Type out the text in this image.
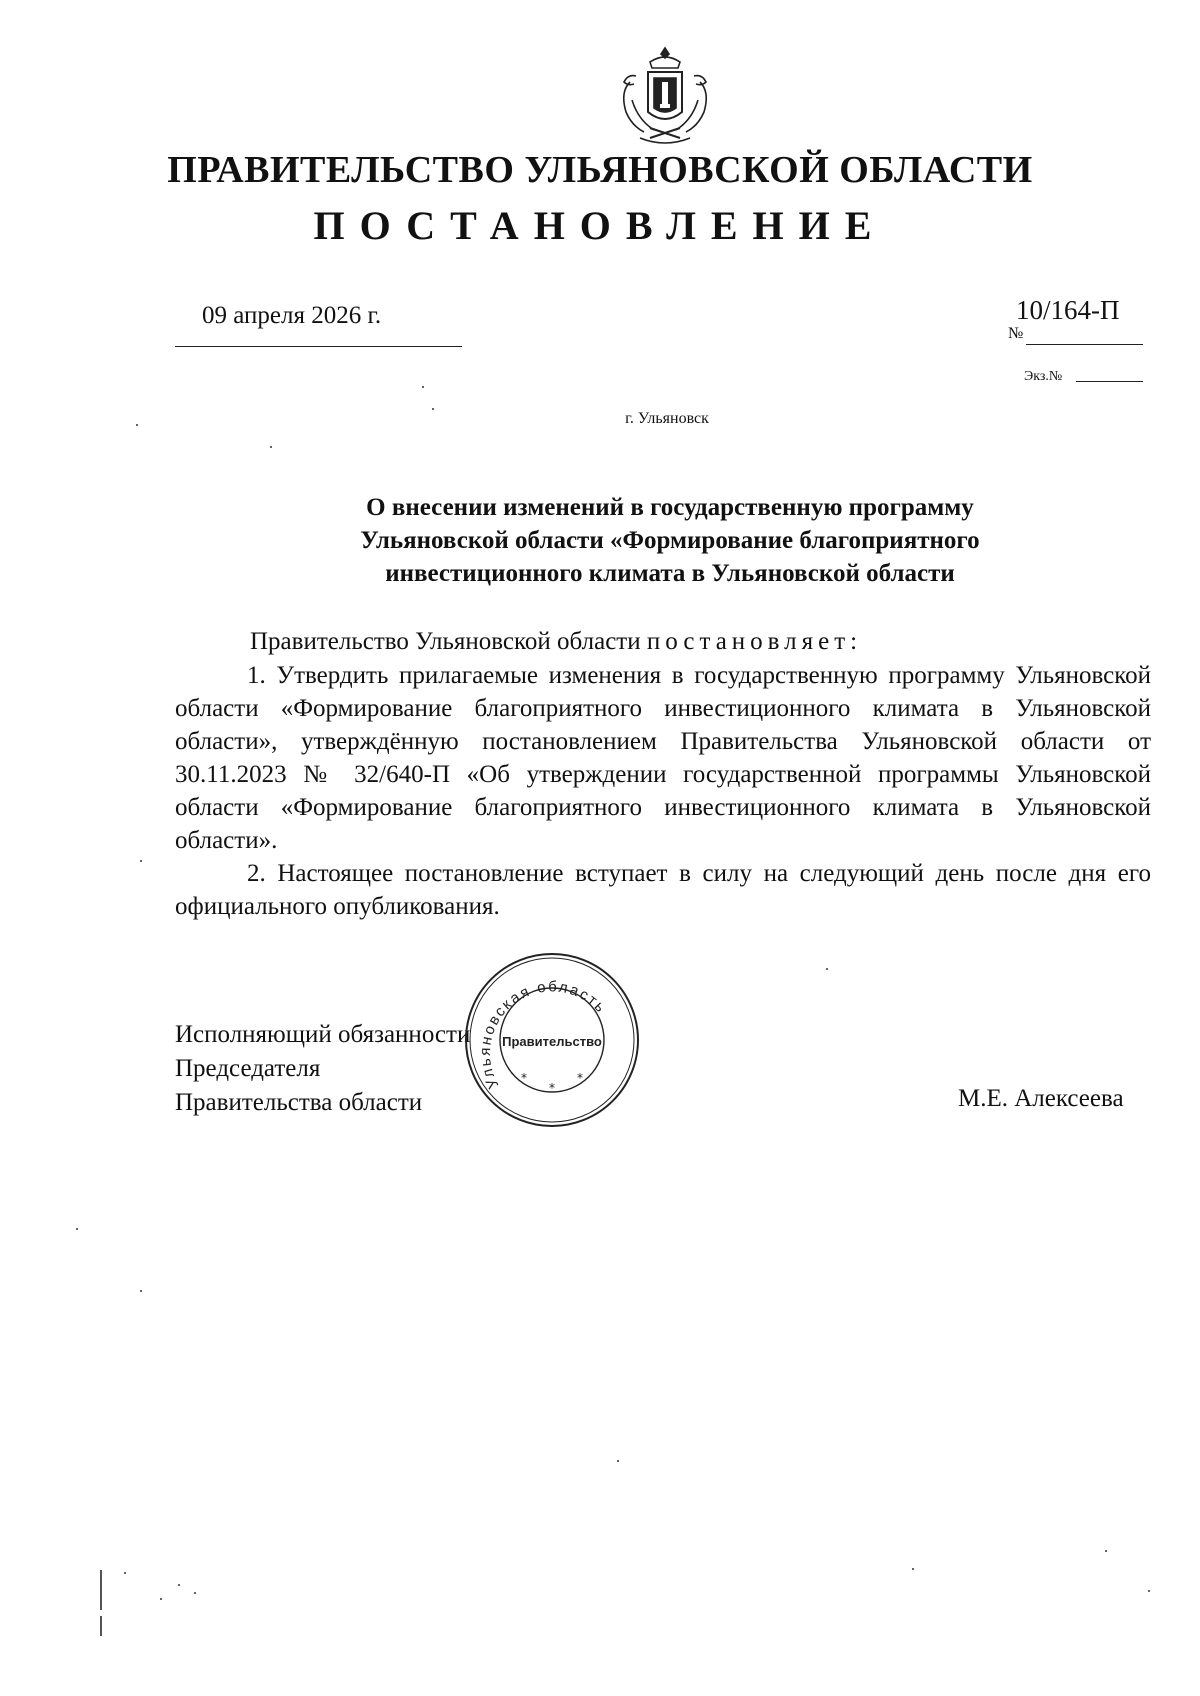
ПРАВИТЕЛЬСТВО УЛЬЯНОВСКОЙ ОБЛАСТИ
ПОСТАНОВЛЕНИЕ
09 апреля 2026 г.	10/164-П
№
Экз.№
г. Ульяновск
О внесении изменений в государственную программу
Ульяновской области «Формирование благоприятного
инвестиционного климата в Ульяновской области
Правительство Ульяновской области постановляет:

1. Утвердить прилагаемые изменения в государственную программу Ульяновской области «Формирование благоприятного инвестиционного климата в Ульяновской области», утверждённую постановлением Правительства Ульяновской области от 30.11.2023 № 32/640-П «Об утверждении государственной программы Ульяновской области «Формирование благоприятного инвестиционного климата в Ульяновской области».

2. Настоящее постановление вступает в силу на следующий день после дня его официального опубликования.

Исполняющий обязанности
Председателя
Правительства области	М.Е. Алексеева
Ульяновская область
Правительство
*
*
*
